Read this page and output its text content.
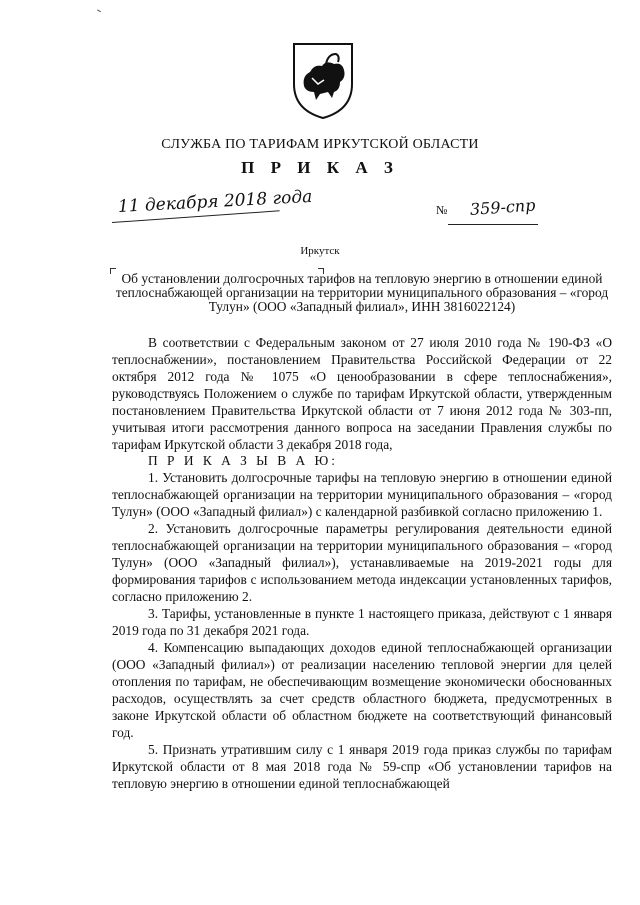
СЛУЖБА ПО ТАРИФАМ ИРКУТСКОЙ ОБЛАСТИ
П Р И К А З
11 декабря 2018 года	№ 359-спр
Иркутск
Об установлении долгосрочных тарифов на тепловую энергию в отношении единой теплоснабжающей организации на территории муниципального образования – «город Тулун» (ООО «Западный филиал», ИНН 3816022124)

В соответствии с Федеральным законом от 27 июля 2010 года № 190-ФЗ «О теплоснабжении», постановлением Правительства Российской Федерации от 22 октября 2012 года № 1075 «О ценообразовании в сфере теплоснабжения», руководствуясь Положением о службе по тарифам Иркутской области, утвержденным постановлением Правительства Иркутской области от 7 июня 2012 года № 303-пп, учитывая итоги рассмотрения данного вопроса на заседании Правления службы по тарифам Иркутской области 3 декабря 2018 года,

П Р И К А З Ы В А Ю:

1. Установить долгосрочные тарифы на тепловую энергию в отношении единой теплоснабжающей организации на территории муниципального образования – «город Тулун» (ООО «Западный филиал») с календарной разбивкой согласно приложению 1.

2. Установить долгосрочные параметры регулирования деятельности единой теплоснабжающей организации на территории муниципального образования – «город Тулун» (ООО «Западный филиал»), устанавливаемые на 2019-2021 годы для формирования тарифов с использованием метода индексации установленных тарифов, согласно приложению 2.

3. Тарифы, установленные в пункте 1 настоящего приказа, действуют с 1 января 2019 года по 31 декабря 2021 года.

4. Компенсацию выпадающих доходов единой теплоснабжающей организации (ООО «Западный филиал») от реализации населению тепловой энергии для целей отопления по тарифам, не обеспечивающим возмещение экономически обоснованных расходов, осуществлять за счет средств областного бюджета, предусмотренных в законе Иркутской области об областном бюджете на соответствующий финансовый год.

5. Признать утратившим силу с 1 января 2019 года приказ службы по тарифам Иркутской области от 8 мая 2018 года № 59-спр «Об установлении тарифов на тепловую энергию в отношении единой теплоснабжающей
